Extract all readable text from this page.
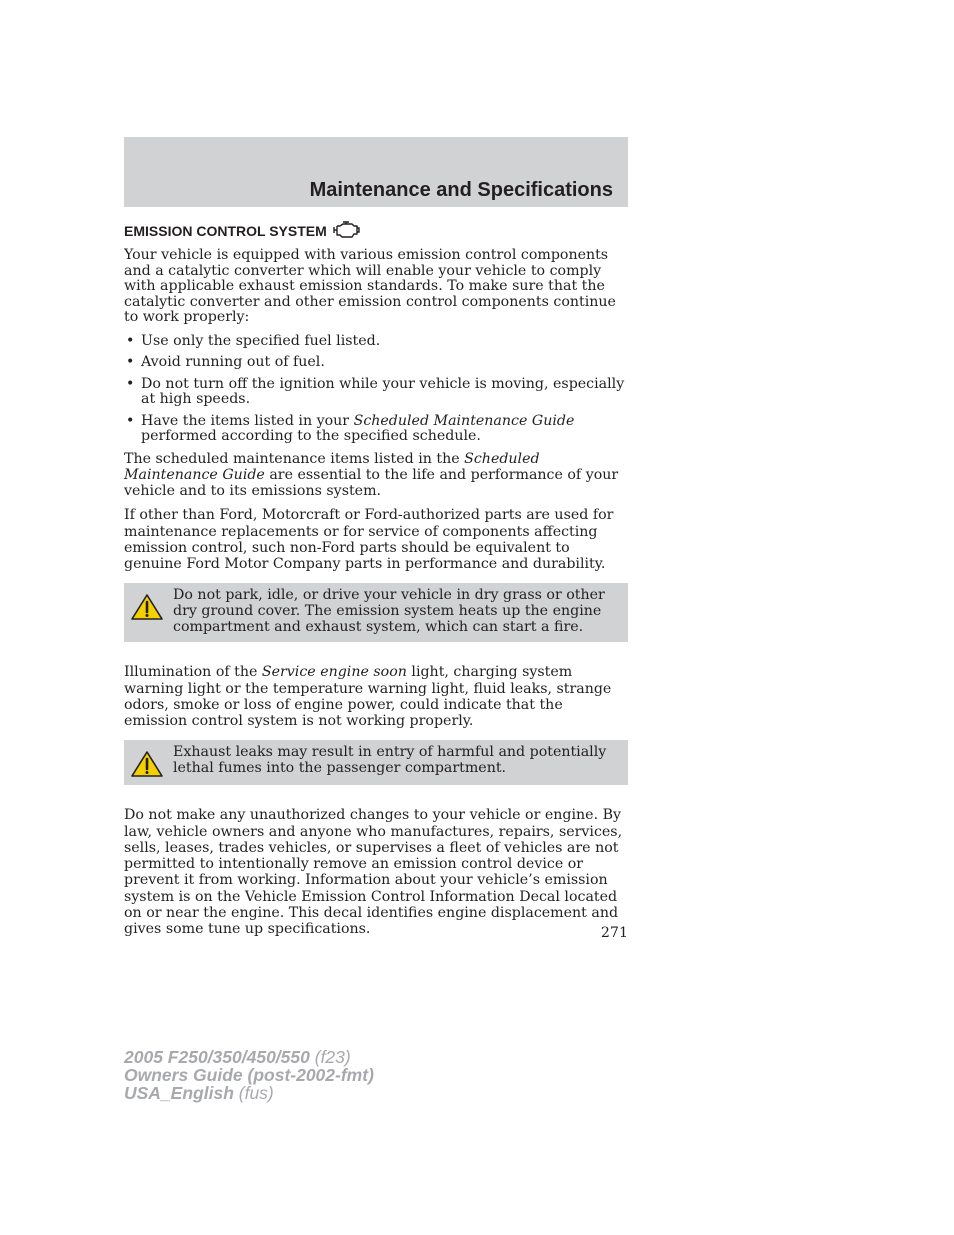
Maintenance and Specifications
EMISSION CONTROL SYSTEM

Your vehicle is equipped with various emission control components and a catalytic converter which will enable your vehicle to comply with applicable exhaust emission standards. To make sure that the catalytic converter and other emission control components continue to work properly:

• Use only the specified fuel listed.
• Avoid running out of fuel.
• Do not turn off the ignition while your vehicle is moving, especially at high speeds.
• Have the items listed in your Scheduled Maintenance Guide performed according to the specified schedule.

The scheduled maintenance items listed in the Scheduled Maintenance Guide are essential to the life and performance of your vehicle and to its emissions system.

If other than Ford, Motorcraft or Ford-authorized parts are used for maintenance replacements or for service of components affecting emission control, such non-Ford parts should be equivalent to genuine Ford Motor Company parts in performance and durability.

Do not park, idle, or drive your vehicle in dry grass or other dry ground cover. The emission system heats up the engine compartment and exhaust system, which can start a fire.

Illumination of the Service engine soon light, charging system warning light or the temperature warning light, fluid leaks, strange odors, smoke or loss of engine power, could indicate that the emission control system is not working properly.

Exhaust leaks may result in entry of harmful and potentially lethal fumes into the passenger compartment.

Do not make any unauthorized changes to your vehicle or engine. By law, vehicle owners and anyone who manufactures, repairs, services, sells, leases, trades vehicles, or supervises a fleet of vehicles are not permitted to intentionally remove an emission control device or prevent it from working. Information about your vehicle’s emission system is on the Vehicle Emission Control Information Decal located on or near the engine. This decal identifies engine displacement and gives some tune up specifications.	271
2005 F250/350/450/550 (f23)
Owners Guide (post-2002-fmt)
USA_English (fus)
